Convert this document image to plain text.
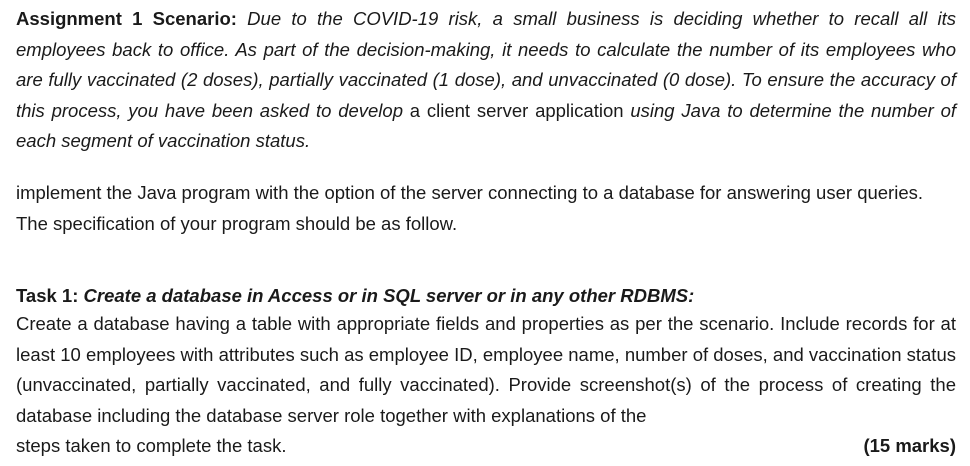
Assignment 1 Scenario: Due to the COVID-19 risk, a small business is deciding whether to recall all its employees back to office. As part of the decision-making, it needs to calculate the number of its employees who are fully vaccinated (2 doses), partially vaccinated (1 dose), and unvaccinated (0 dose). To ensure the accuracy of this process, you have been asked to develop a client server application using Java to determine the number of each segment of vaccination status.
implement the Java program with the option of the server connecting to a database for answering user queries. The specification of your program should be as follow.
Task 1: Create a database in Access or in SQL server or in any other RDBMS:
Create a database having a table with appropriate fields and properties as per the scenario. Include records for at least 10 employees with attributes such as employee ID, employee name, number of doses, and vaccination status (unvaccinated, partially vaccinated, and fully vaccinated). Provide screenshot(s) of the process of creating the database including the database server role together with explanations of the
steps taken to complete the task.	(15 marks)
